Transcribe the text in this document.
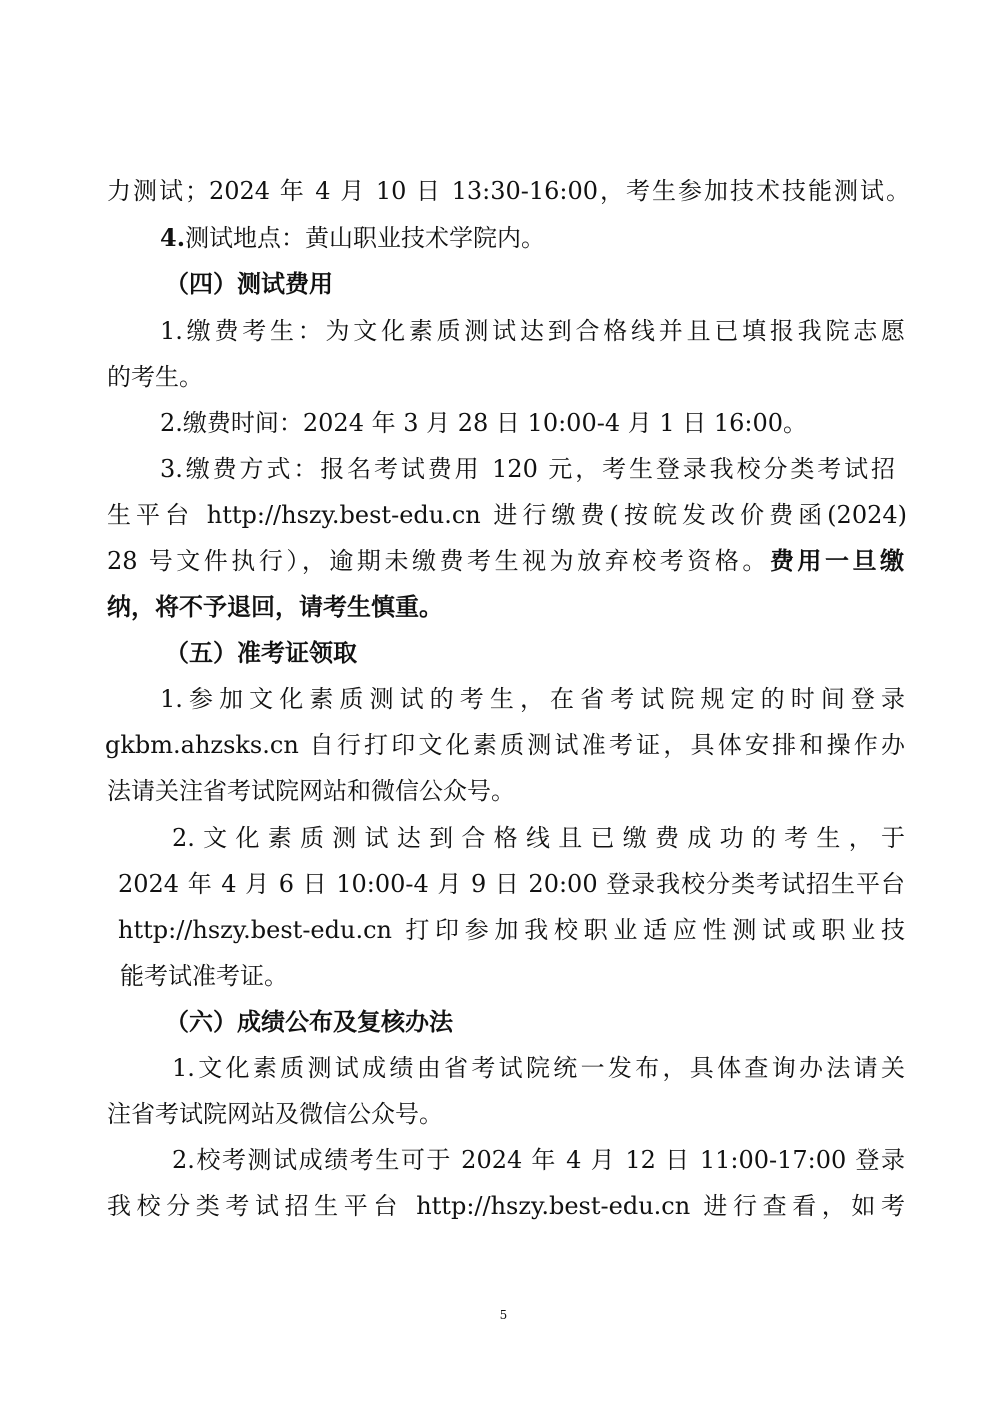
力测试；2024 年 4 月 10 日 13:30-16:00，考生参加技术技能测试。
4.测试地点：黄山职业技术学院内。
（四）测试费用
1.缴费考生：为文化素质测试达到合格线并且已填报我院志愿
的考生。
2.缴费时间：2024 年 3 月 28 日 10:00-4 月 1 日 16:00。
3.缴费方式：报名考试费用 120 元，考生登录我校分类考试招
生平台 http://hszy.best-edu.cn 进行缴费(按皖发改价费函(2024)
28 号文件执行），逾期未缴费考生视为放弃校考资格。费用一旦缴
纳，将不予退回，请考生慎重。
（五）准考证领取
1.参加文化素质测试的考生，在省考试院规定的时间登录
gkbm.ahzsks.cn 自行打印文化素质测试准考证，具体安排和操作办
法请关注省考试院网站和微信公众号。
2.文化素质测试达到合格线且已缴费成功的考生，于
2024 年 4 月 6 日 10:00-4 月 9 日 20:00 登录我校分类考试招生平台
http://hszy.best-edu.cn 打印参加我校职业适应性测试或职业技
能考试准考证。
（六）成绩公布及复核办法
1.文化素质测试成绩由省考试院统一发布，具体查询办法请关
注省考试院网站及微信公众号。
2.校考测试成绩考生可于 2024 年 4 月 12 日 11:00-17:00 登录
我校分类考试招生平台 http://hszy.best-edu.cn 进行查看，如考
5
